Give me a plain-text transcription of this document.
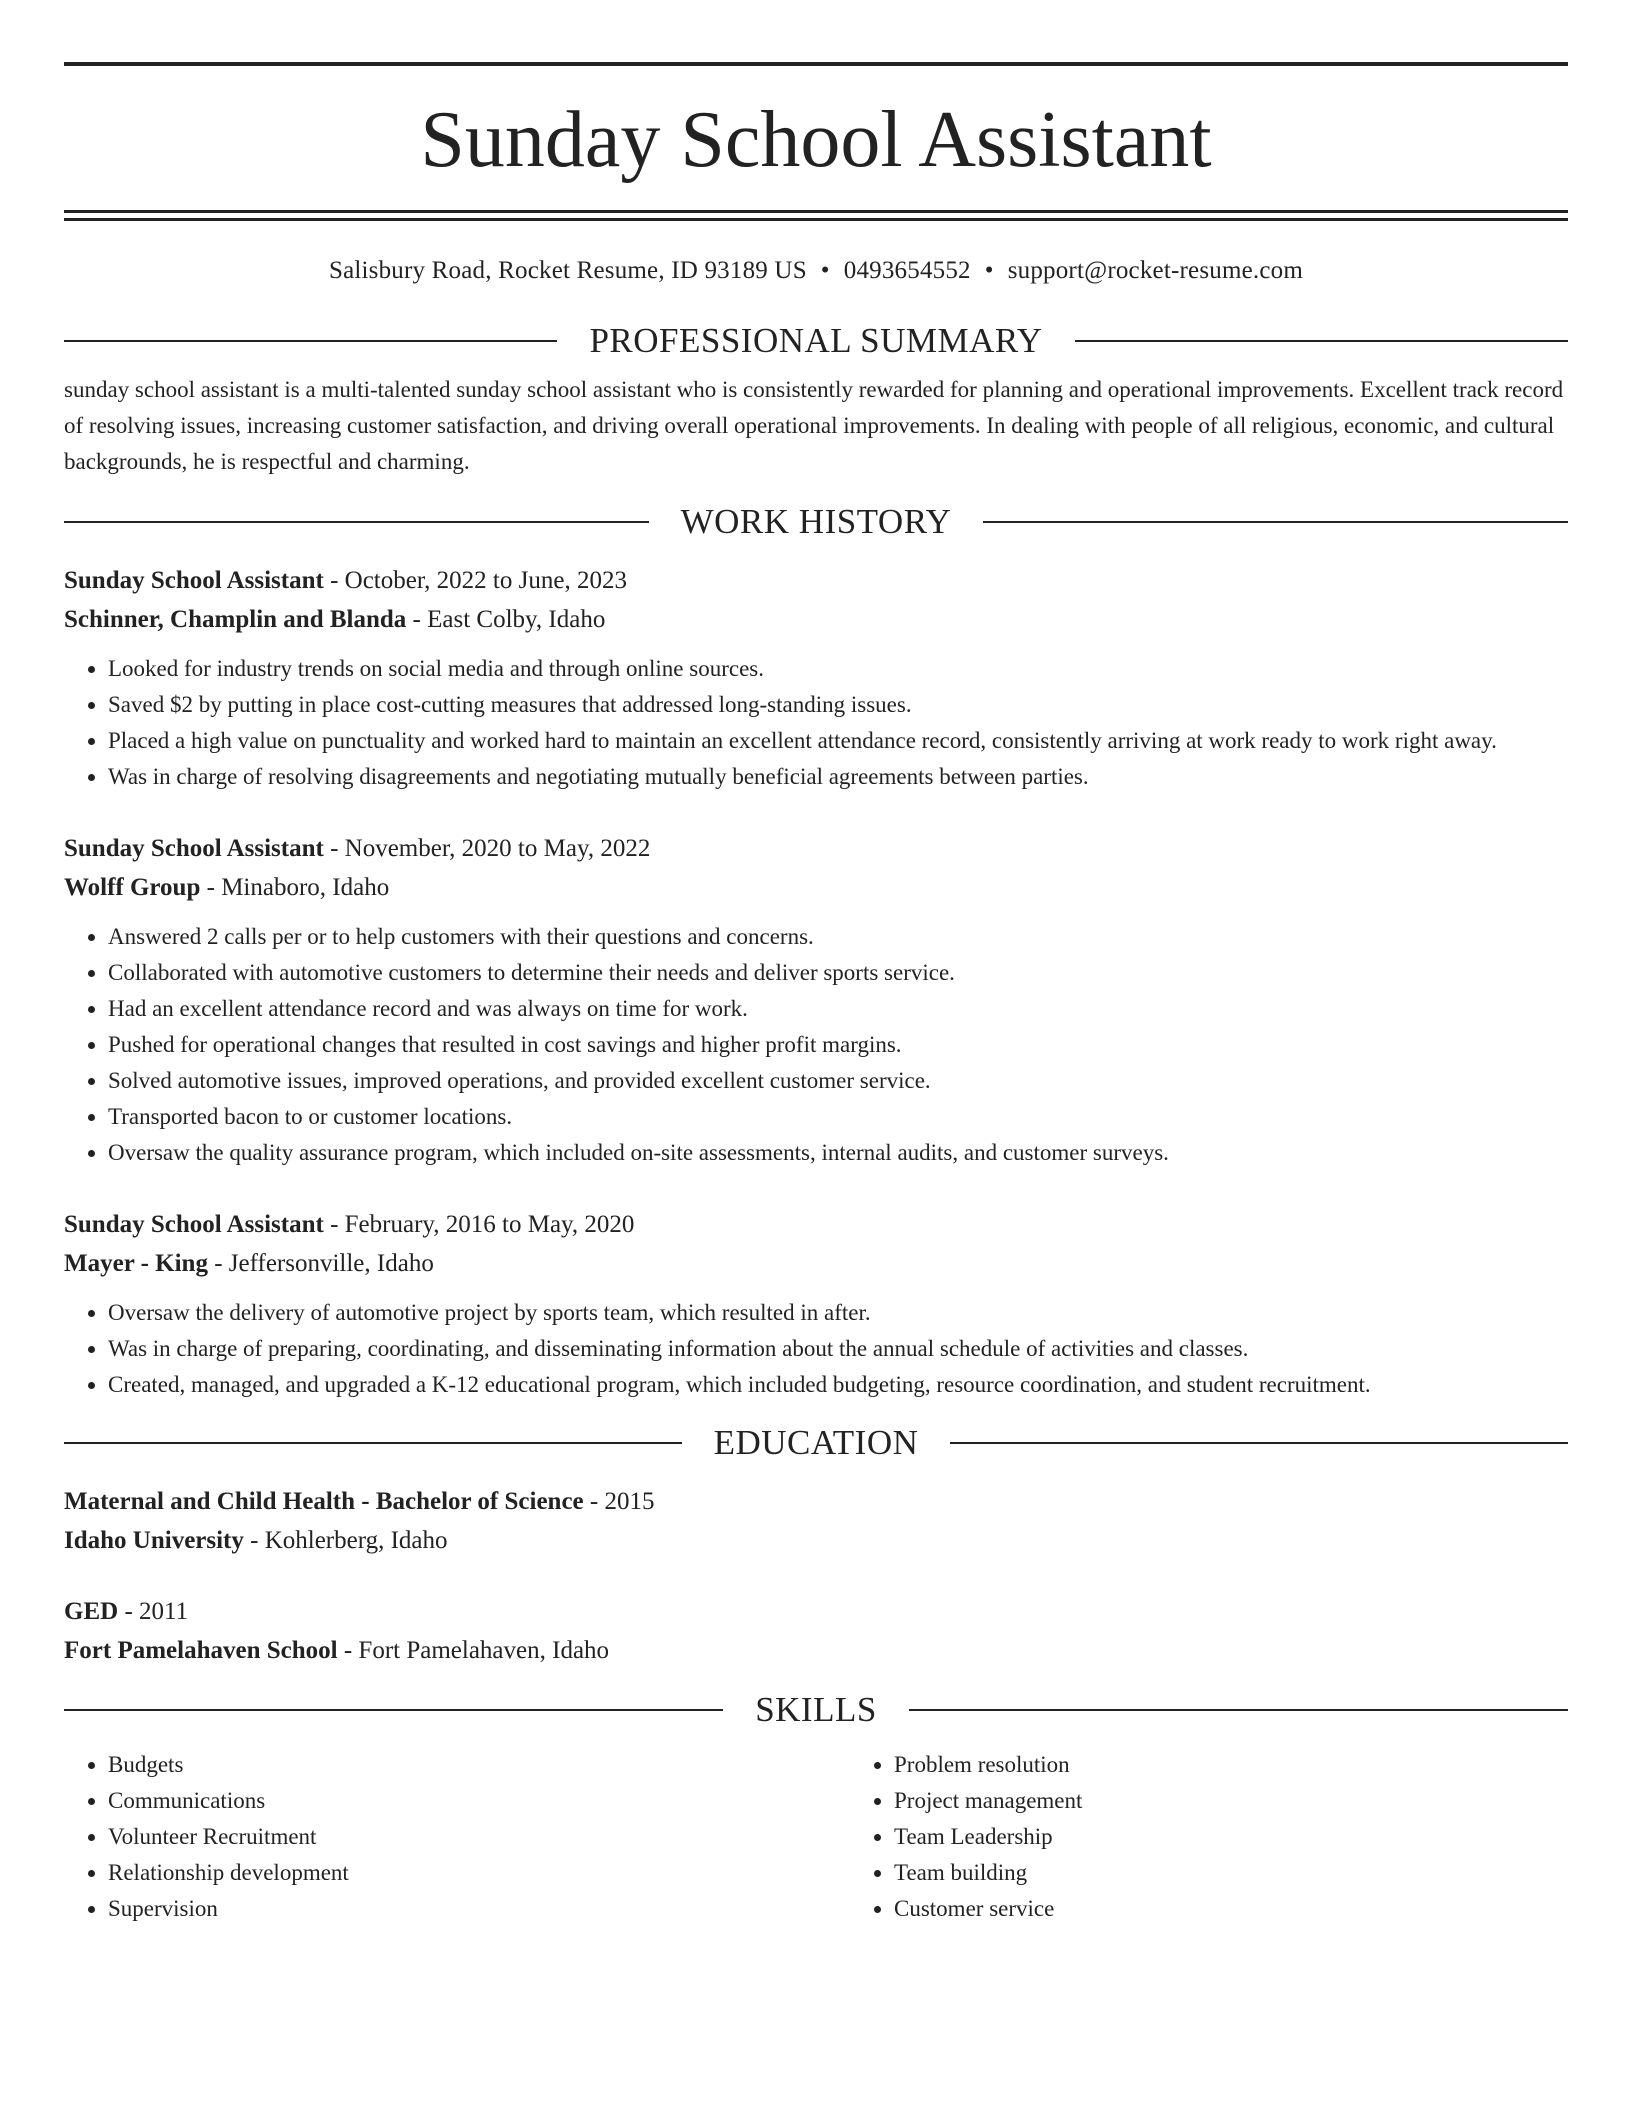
Sunday School Assistant
Salisbury Road, Rocket Resume, ID 93189 US • 0493654552 • support@rocket-resume.com
PROFESSIONAL SUMMARY

sunday school assistant is a multi-talented sunday school assistant who is consistently rewarded for planning and operational improvements. Excellent track record of resolving issues, increasing customer satisfaction, and driving overall operational improvements. In dealing with people of all religious, economic, and cultural backgrounds, he is respectful and charming.

WORK HISTORY
Sunday School Assistant - October, 2022 to June, 2023
Schinner, Champlin and Blanda - East Colby, Idaho
• Looked for industry trends on social media and through online sources.
• Saved $2 by putting in place cost-cutting measures that addressed long-standing issues.
• Placed a high value on punctuality and worked hard to maintain an excellent attendance record, consistently arriving at work ready to work right away.
• Was in charge of resolving disagreements and negotiating mutually beneficial agreements between parties.
Sunday School Assistant - November, 2020 to May, 2022
Wolff Group - Minaboro, Idaho
• Answered 2 calls per or to help customers with their questions and concerns.
• Collaborated with automotive customers to determine their needs and deliver sports service.
• Had an excellent attendance record and was always on time for work.
• Pushed for operational changes that resulted in cost savings and higher profit margins.
• Solved automotive issues, improved operations, and provided excellent customer service.
• Transported bacon to or customer locations.
• Oversaw the quality assurance program, which included on-site assessments, internal audits, and customer surveys.
Sunday School Assistant - February, 2016 to May, 2020
Mayer - King - Jeffersonville, Idaho
• Oversaw the delivery of automotive project by sports team, which resulted in after.
• Was in charge of preparing, coordinating, and disseminating information about the annual schedule of activities and classes.
• Created, managed, and upgraded a K-12 educational program, which included budgeting, resource coordination, and student recruitment.
EDUCATION
Maternal and Child Health - Bachelor of Science - 2015
Idaho University - Kohlerberg, Idaho
GED - 2011
Fort Pamelahaven School - Fort Pamelahaven, Idaho
SKILLS
• Budgets
• Communications
• Volunteer Recruitment
• Relationship development
• Supervision
• Problem resolution
• Project management
• Team Leadership
• Team building
• Customer service
